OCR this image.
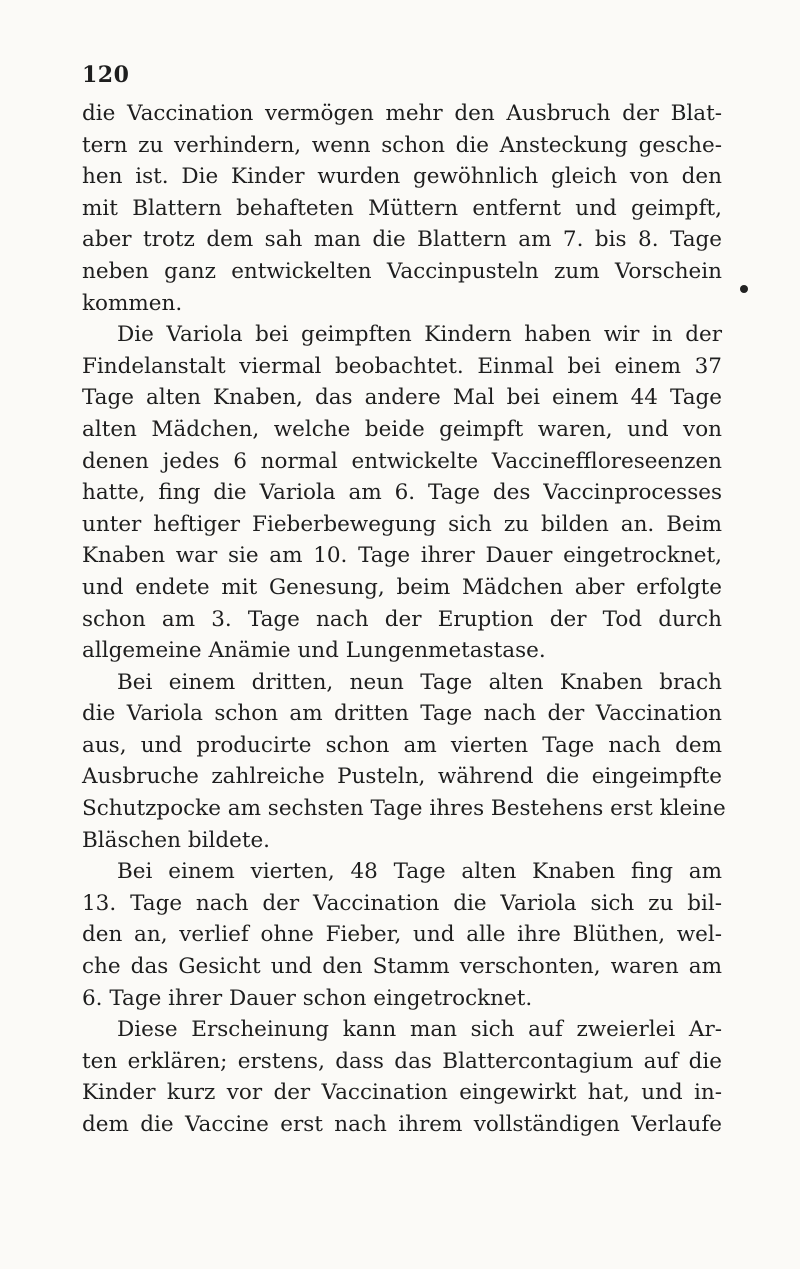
120
die Vaccination vermögen mehr den Ausbruch der Blat-
tern zu verhindern, wenn schon die Ansteckung gesche-
hen ist. Die Kinder wurden gewöhnlich gleich von den
mit Blattern behafteten Müttern entfernt und geimpft,
aber trotz dem sah man die Blattern am 7. bis 8. Tage
neben ganz entwickelten Vaccinpusteln zum Vorschein
kommen.
Die Variola bei geimpften Kindern haben wir in der
Findelanstalt viermal beobachtet. Einmal bei einem 37
Tage alten Knaben, das andere Mal bei einem 44 Tage
alten Mädchen, welche beide geimpft waren, und von
denen jedes 6 normal entwickelte Vaccineffloreseenzen
hatte, fing die Variola am 6. Tage des Vaccinprocesses
unter heftiger Fieberbewegung sich zu bilden an. Beim
Knaben war sie am 10. Tage ihrer Dauer eingetrocknet,
und endete mit Genesung, beim Mädchen aber erfolgte
schon am 3. Tage nach der Eruption der Tod durch
allgemeine Anämie und Lungenmetastase.
Bei einem dritten, neun Tage alten Knaben brach
die Variola schon am dritten Tage nach der Vaccination
aus, und producirte schon am vierten Tage nach dem
Ausbruche zahlreiche Pusteln, während die eingeimpfte
Schutzpocke am sechsten Tage ihres Bestehens erst kleine
Bläschen bildete.
Bei einem vierten, 48 Tage alten Knaben fing am
13. Tage nach der Vaccination die Variola sich zu bil-
den an, verlief ohne Fieber, und alle ihre Blüthen, wel-
che das Gesicht und den Stamm verschonten, waren am
6. Tage ihrer Dauer schon eingetrocknet.
Diese Erscheinung kann man sich auf zweierlei Ar-
ten erklären; erstens, dass das Blattercontagium auf die
Kinder kurz vor der Vaccination eingewirkt hat, und in-
dem die Vaccine erst nach ihrem vollständigen Verlaufe
